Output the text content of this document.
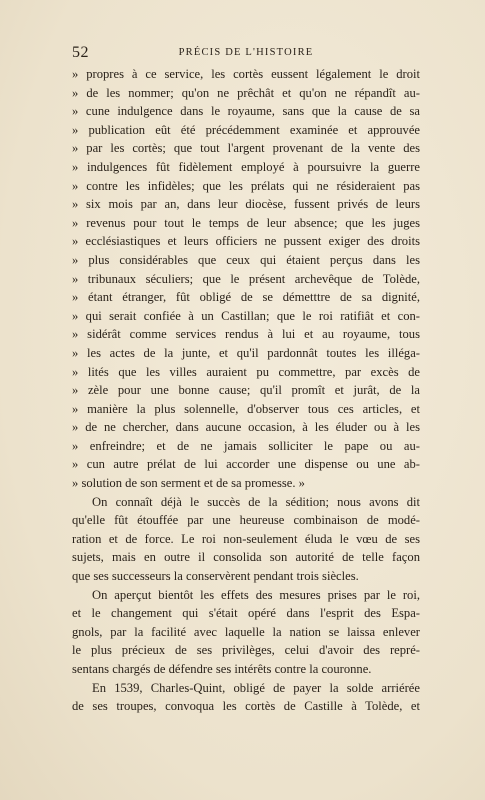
52	PRÉCIS DE L'HISTOIRE
» propres à ce service, les cortès eussent légalement le droit
» de les nommer; qu'on ne prêchât et qu'on ne répandît au-
» cune indulgence dans le royaume, sans que la cause de sa
» publication eût été précédemment examinée et approuvée
» par les cortès; que tout l'argent provenant de la vente des
» indulgences fût fidèlement employé à poursuivre la guerre
» contre les infidèles; que les prélats qui ne résideraient pas
» six mois par an, dans leur diocèse, fussent privés de leurs
» revenus pour tout le temps de leur absence; que les juges
» ecclésiastiques et leurs officiers ne pussent exiger des droits
» plus considérables que ceux qui étaient perçus dans les
» tribunaux séculiers; que le présent archevêque de Tolède,
» étant étranger, fût obligé de se démetttre de sa dignité,
» qui serait confiée à un Castillan; que le roi ratifiât et con-
» sidérât comme services rendus à lui et au royaume, tous
» les actes de la junte, et qu'il pardonnât toutes les illéga-
» lités que les villes auraient pu commettre, par excès de
» zèle pour une bonne cause; qu'il promît et jurât, de la
» manière la plus solennelle, d'observer tous ces articles, et
» de ne chercher, dans aucune occasion, à les éluder ou à les
» enfreindre; et de ne jamais solliciter le pape ou au-
» cun autre prélat de lui accorder une dispense ou une ab-
» solution de son serment et de sa promesse. »
On connaît déjà le succès de la sédition; nous avons dit
qu'elle fût étouffée par une heureuse combinaison de modé-
ration et de force. Le roi non-seulement éluda le vœu de ses
sujets, mais en outre il consolida son autorité de telle façon
que ses successeurs la conservèrent pendant trois siècles.
On aperçut bientôt les effets des mesures prises par le roi,
et le changement qui s'était opéré dans l'esprit des Espa-
gnols, par la facilité avec laquelle la nation se laissa enlever
le plus précieux de ses privilèges, celui d'avoir des repré-
sentans chargés de défendre ses intérêts contre la couronne.
En 1539, Charles-Quint, obligé de payer la solde arriérée
de ses troupes, convoqua les cortès de Castille à Tolède, et
